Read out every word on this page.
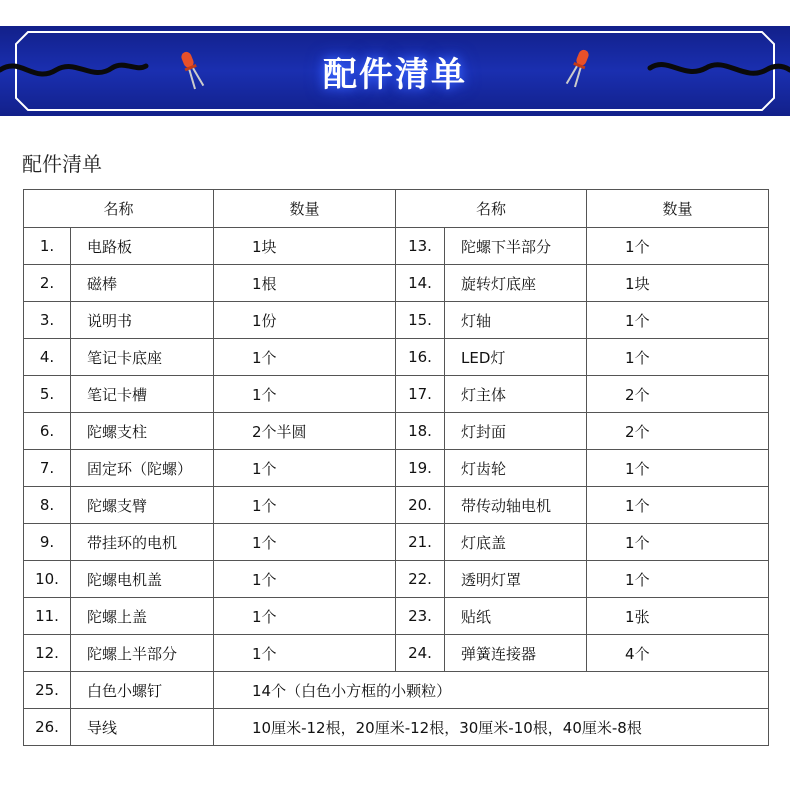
配件清单
配件清单
名称		数量	名称		数量
1.	电路板	1块	13.	陀螺下半部分	1个
2.	磁棒	1根	14.	旋转灯底座	1块
3.	说明书	1份	15.	灯轴	1个
4.	笔记卡底座	1个	16.	LED灯	1个
5.	笔记卡槽	1个	17.	灯主体	2个
6.	陀螺支柱	2个半圆	18.	灯封面	2个
7.	固定环（陀螺）	1个	19.	灯齿轮	1个
8.	陀螺支臂	1个	20.	带传动轴电机	1个
9.	带挂环的电机	1个	21.	灯底盖	1个
10.	陀螺电机盖	1个	22.	透明灯罩	1个
11.	陀螺上盖	1个	23.	贴纸	1张
12.	陀螺上半部分	1个	24.	弹簧连接器	4个
25.	白色小螺钉	14个（白色小方框的小颗粒）			
26.	导线	10厘米-12根，20厘米-12根，30厘米-10根，40厘米-8根			
